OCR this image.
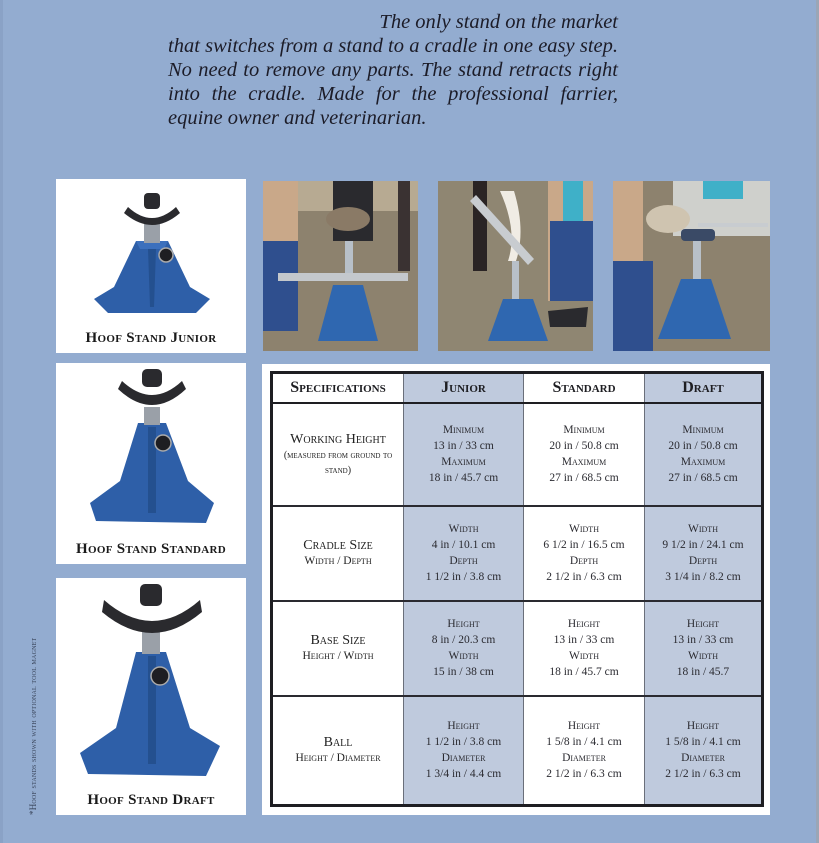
The only stand on the market
that switches from a stand to a cradle in one easy step.
No need to remove any parts. The stand retracts right
into the cradle. Made for the professional farrier,
equine owner and veterinarian.
*Hoof stands shown with optional tool magnet
Hoof Stand Junior
Hoof Stand Standard
Hoof Stand Draft
Specifications	Junior	Standard	Draft
Working Height
(measured from ground to stand)	Minimum
13 in / 33 cm
Maximum
18 in / 45.7 cm	Minimum
20 in / 50.8 cm
Maximum
27 in / 68.5 cm	Minimum
20 in / 50.8 cm
Maximum
27 in / 68.5 cm

Cradle Size
Width / Depth	Width
4 in / 10.1 cm
Depth
1 1/2 in / 3.8 cm	Width
6 1/2 in / 16.5 cm
Depth
2 1/2 in / 6.3 cm	Width
9 1/2 in / 24.1 cm
Depth
3 1/4 in / 8.2 cm

Base Size
Height / Width	Height
8 in / 20.3 cm
Width
15 in / 38 cm	Height
13 in / 33 cm
Width
18 in / 45.7 cm	Height
13 in / 33 cm
Width
18 in / 45.7

Ball
Height / Diameter	Height
1 1/2 in / 3.8 cm
Diameter
1 3/4 in / 4.4 cm	Height
1 5/8 in / 4.1 cm
Diameter
2 1/2 in / 6.3 cm	Height
1 5/8 in / 4.1 cm
Diameter
2 1/2 in / 6.3 cm
